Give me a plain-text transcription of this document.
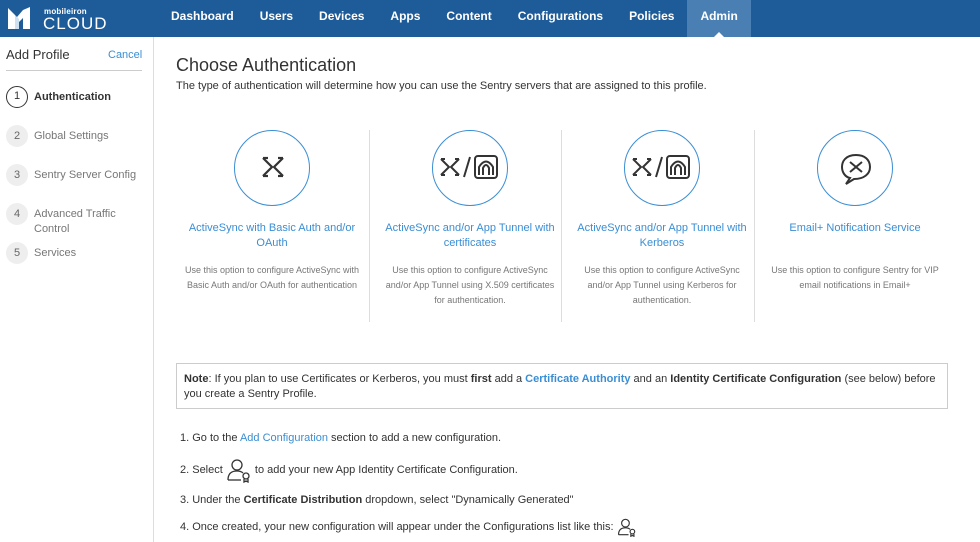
mobileiron
CLOUD	Dashboard	Users	Devices	Apps	Content	Configurations	Policies	Admin
Add Profile	Cancel
1	Authentication
2	Global Settings
3	Sentry Server Config
4	Advanced Traffic Control
5	Services
Choose Authentication
The type of authentication will determine how you can use the Sentry servers that are assigned to this profile.
ActiveSync with Basic Auth and/or OAuth
Use this option to configure ActiveSync with Basic Auth and/or OAuth for authentication
ActiveSync and/or App Tunnel with certificates
Use this option to configure ActiveSync and/or App Tunnel using X.509 certificates for authentication.
ActiveSync and/or App Tunnel with Kerberos
Use this option to configure ActiveSync and/or App Tunnel using Kerberos for authentication.
Email+ Notification Service
Use this option to configure Sentry for VIP email notifications in Email+
Note: If you plan to use Certificates or Kerberos, you must first add a Certificate Authority and an Identity Certificate Configuration (see below) before you create a Sentry Profile.
1. Go to the Add Configuration section to add a new configuration.
2. Select  to add your new App Identity Certificate Configuration.
3. Under the Certificate Distribution dropdown, select "Dynamically Generated"
4. Once created, your new configuration will appear under the Configurations list like this:
